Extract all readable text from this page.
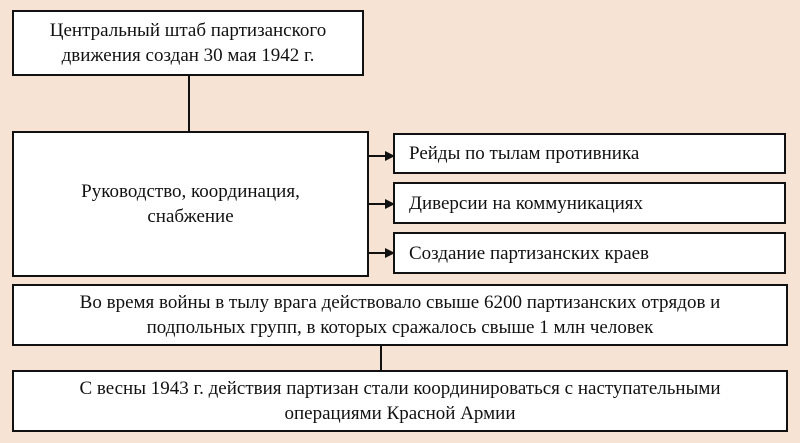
Центральный штаб партизанского
движения создан 30 мая 1942 г.
Руководство, координация,
снабжение
Рейды по тылам противника
Диверсии на коммуникациях
Создание партизанских краев
Во время войны в тылу врага действовало свыше 6200 партизанских отрядов и
подпольных групп, в которых сражалось свыше 1 млн человек
С весны 1943 г. действия партизан стали координироваться с наступательными
операциями Красной Армии
